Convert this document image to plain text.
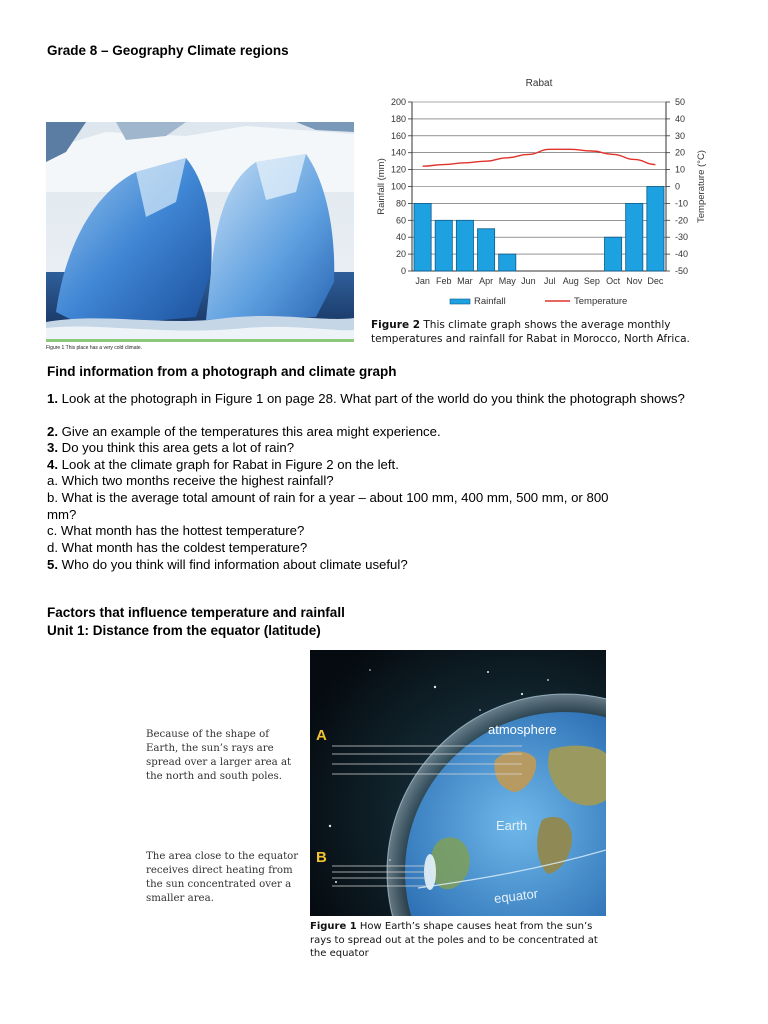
Grade 8 – Geography Climate regions
Figure 1 This place has a very cold climate.
Rabat
0
20
40
60
80
100
120
140
160
180
200
-50
-40
-30
-20
-10
0
10
20
30
40
50
Jan Feb Mar Apr May Jun Jul Aug Sep Oct Nov Dec
Rainfall (mm)	Temperature (°C)
Rainfall	Temperature
Figure 2 This climate graph shows the average monthly temperatures and rainfall for Rabat in Morocco, North Africa.
Find information from a photograph and climate graph
1. Look at the photograph in Figure 1 on page 28. What part of the world do you think the photograph shows?
2. Give an example of the temperatures this area might experience.
3. Do you think this area gets a lot of rain?
4. Look at the climate graph for Rabat in Figure 2 on the left.
a. Which two months receive the highest rainfall?
b. What is the average total amount of rain for a year – about 100 mm, 400 mm, 500 mm, or 800 mm?
c. What month has the hottest temperature?
d. What month has the coldest temperature?
5. Who do you think will find information about climate useful?
Factors that influence temperature and rainfall
Unit 1: Distance from the equator (latitude)
Because of the shape of Earth, the sun’s rays are spread over a larger area at the north and south poles.
The area close to the equator receives direct heating from the sun concentrated over a smaller area.
A
B
atmosphere
Earth
equator
Figure 1 How Earth’s shape causes heat from the sun’s rays to spread out at the poles and to be concentrated at the equator
